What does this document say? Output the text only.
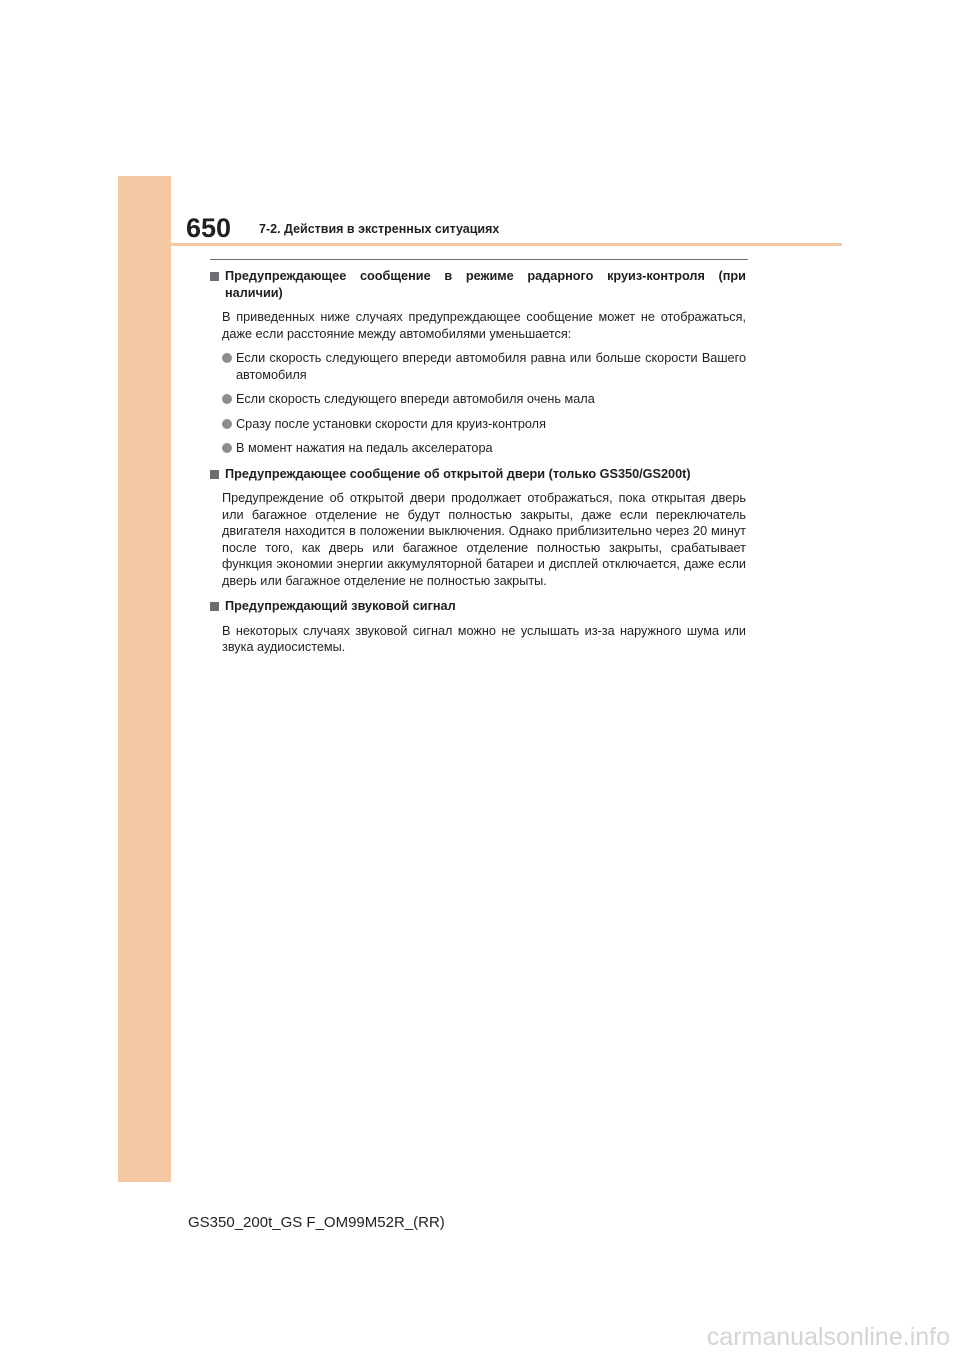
650 7-2. Действия в экстренных ситуациях
Предупреждающее сообщение в режиме радарного круиз-контроля (при наличии)
В приведенных ниже случаях предупреждающее сообщение может не отображаться, даже если расстояние между автомобилями уменьшается:
Если скорость следующего впереди автомобиля равна или больше скорости Вашего автомобиля
Если скорость следующего впереди автомобиля очень мала
Сразу после установки скорости для круиз-контроля
В момент нажатия на педаль акселератора
Предупреждающее сообщение об открытой двери (только GS350/GS200t)
Предупреждение об открытой двери продолжает отображаться, пока открытая дверь или багажное отделение не будут полностью закрыты, даже если переключатель двигателя находится в положении выключения. Однако приблизительно через 20 минут после того, как дверь или багажное отделение полностью закрыты, срабатывает функция экономии энергии аккумуляторной батареи и дисплей отключается, даже если дверь или багажное отделение не полностью закрыты.
Предупреждающий звуковой сигнал
В некоторых случаях звуковой сигнал можно не услышать из-за наружного шума или звука аудиосистемы.
GS350_200t_GS F_OM99M52R_(RR)
carmanualsonline.info
